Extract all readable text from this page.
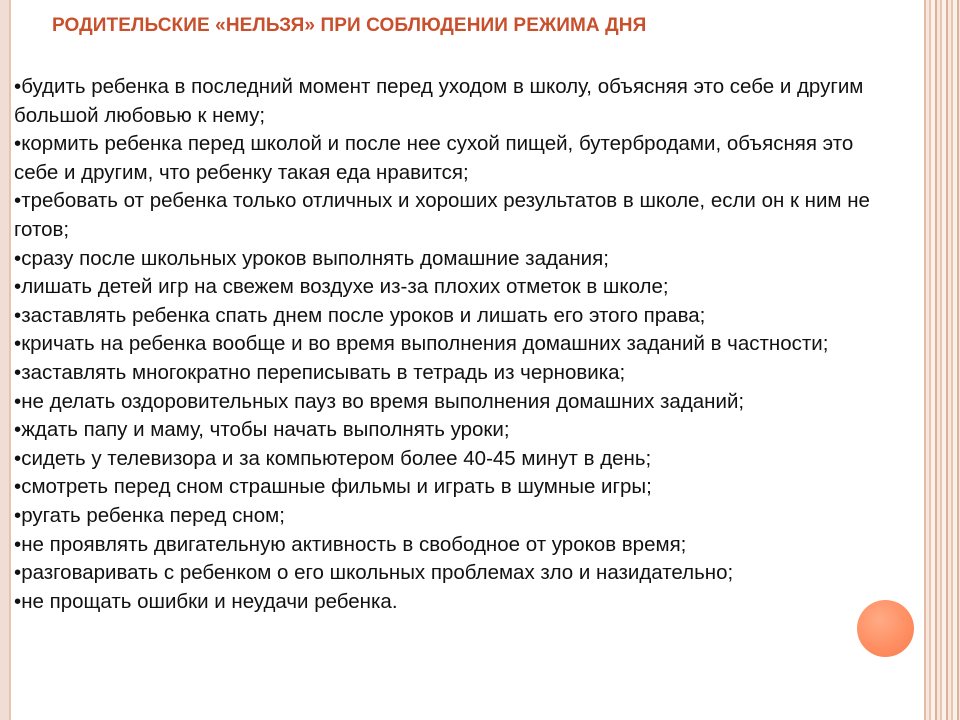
РОДИТЕЛЬСКИЕ «НЕЛЬЗЯ» ПРИ СОБЛЮДЕНИИ РЕЖИМА ДНЯ
•будить ребенка в последний момент перед уходом в школу, объясняя это себе и другим большой любовью к нему;
•кормить ребенка перед школой и после нее сухой пищей, бутербродами, объясняя это себе и другим, что ребенку такая еда нравится;
•требовать от ребенка только отличных и хороших результатов в школе, если он к ним не готов;
•сразу после школьных уроков выполнять домашние задания;
•лишать детей игр на свежем воздухе из-за плохих отметок в школе;
•заставлять ребенка спать днем после уроков и лишать его этого права;
•кричать на ребенка вообще и во время выполнения домашних заданий в частности;
•заставлять многократно переписывать в тетрадь из черновика;
•не делать оздоровительных пауз во время выполнения домашних заданий;
•ждать папу и маму, чтобы начать выполнять уроки;
•сидеть у телевизора и за компьютером более 40-45 минут в день;
•смотреть перед сном страшные фильмы и играть в шумные игры;
•ругать ребенка перед сном;
•не проявлять двигательную активность в свободное от уроков время;
•разговаривать с ребенком о его школьных проблемах зло и назидательно;
•не прощать ошибки и неудачи ребенка.
